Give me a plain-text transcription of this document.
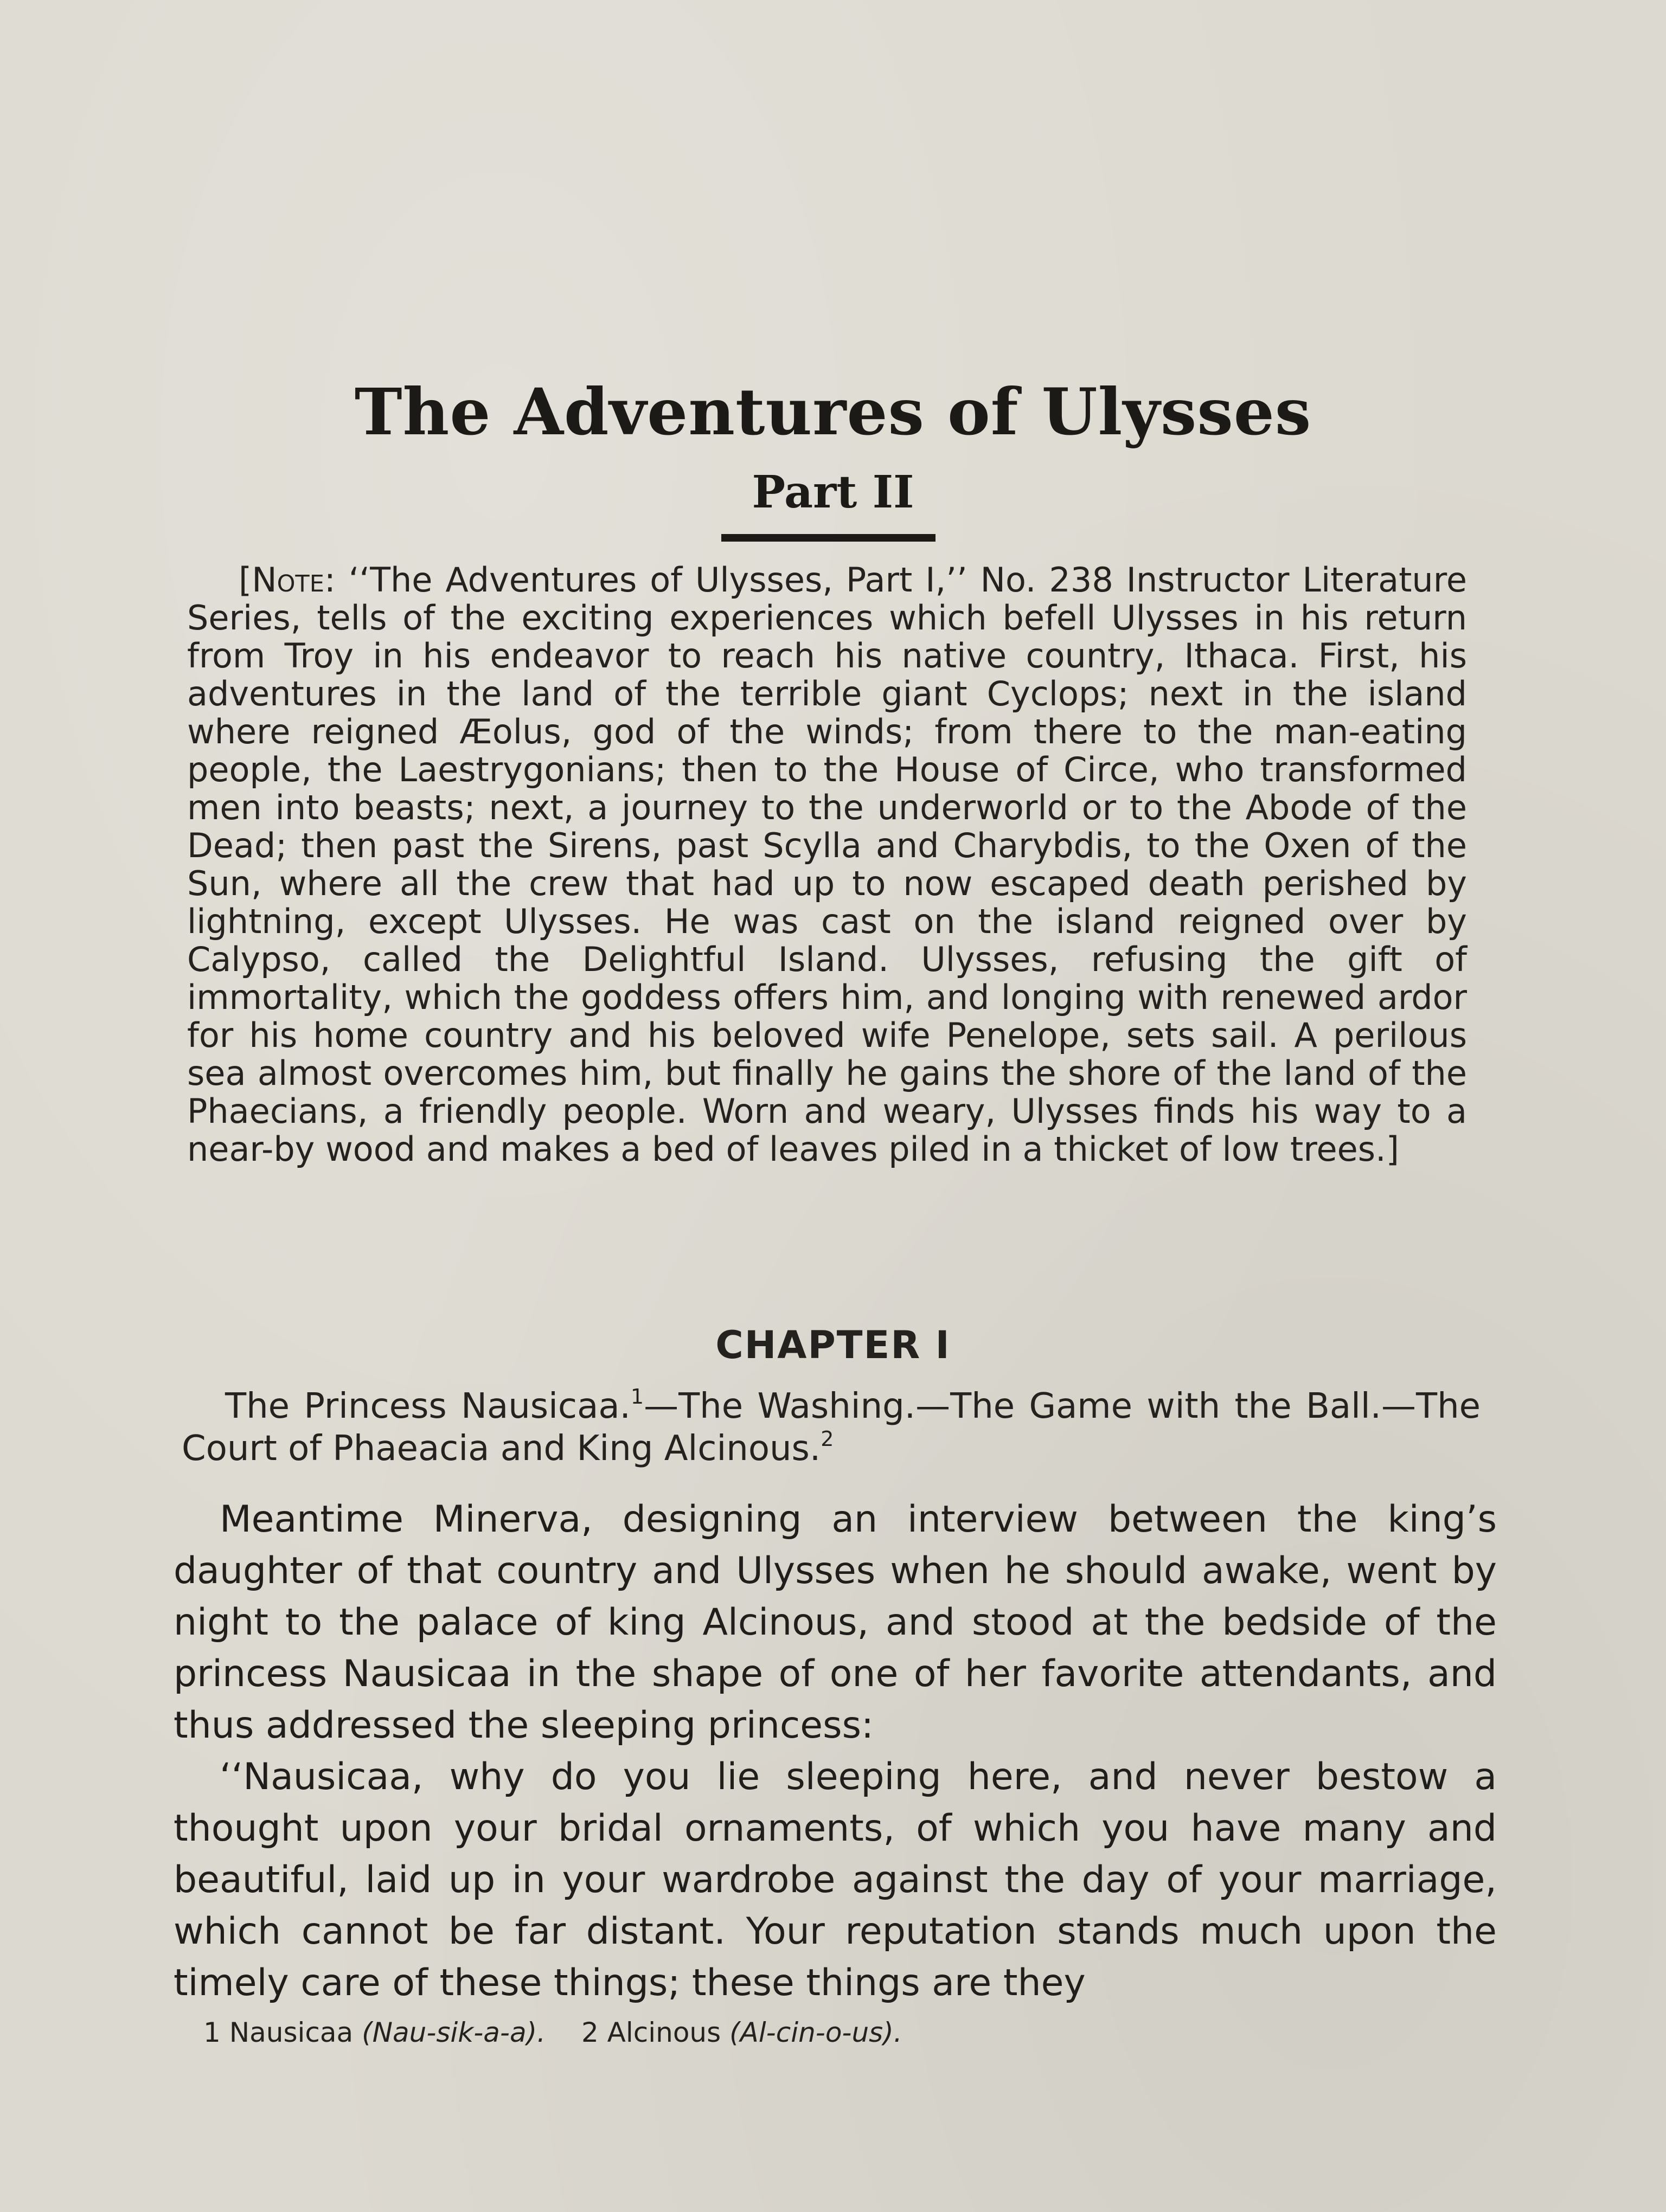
The Adventures of Ulysses
Part II

[Note: ‘‘The Adventures of Ulysses, Part I,’’ No. 238 Instructor Literature Series, tells of the exciting experiences which befell Ulysses in his return from Troy in his endeavor to reach his native country, Ithaca. First, his adventures in the land of the terrible giant Cyclops; next in the island where reigned Æolus, god of the winds; from there to the man-eating people, the Laestrygonians; then to the House of Circe, who transformed men into beasts; next, a journey to the underworld or to the Abode of the Dead; then past the Sirens, past Scylla and Charybdis, to the Oxen of the Sun, where all the crew that had up to now escaped death perished by lightning, except Ulysses. He was cast on the island reigned over by Calypso, called the Delightful Island. Ulysses, refusing the gift of immortality, which the goddess offers him, and longing with renewed ardor for his home country and his beloved wife Penelope, sets sail. A perilous sea almost overcomes him, but finally he gains the shore of the land of the Phaecians, a friendly people. Worn and weary, Ulysses finds his way to a near-by wood and makes a bed of leaves piled in a thicket of low trees.]

CHAPTER I

The Princess Nausicaa.$^1$—The Washing.—The Game with the Ball.—The Court of Phaeacia and King Alcinous.$^2$

Meantime Minerva, designing an interview between the king’s daughter of that country and Ulysses when he should awake, went by night to the palace of king Alcinous, and stood at the bedside of the princess Nausicaa in the shape of one of her favorite attendants, and thus addressed the sleeping princess:

‘‘Nausicaa, why do you lie sleeping here, and never bestow a thought upon your bridal ornaments, of which you have many and beautiful, laid up in your wardrobe against the day of your marriage, which cannot be far distant. Your reputation stands much upon the timely care of these things; these things are they

1 Nausicaa (Nau-sik-a-a). 2 Alcinous (Al-cin-o-us).
